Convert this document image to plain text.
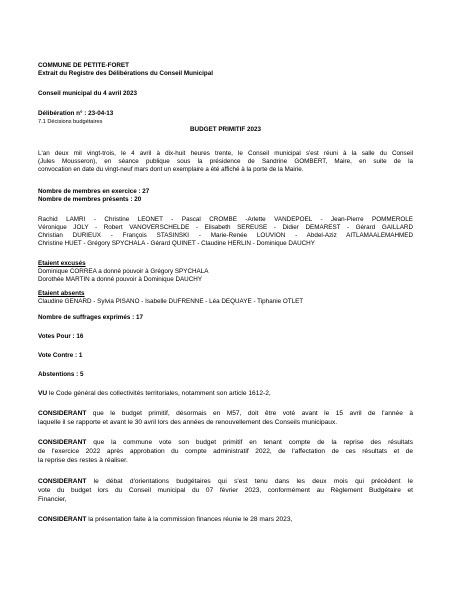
COMMUNE DE PETITE-FORET
Extrait du Registre des Délibérations du Conseil Municipal
Conseil municipal du 4 avril 2023
Délibération n° : 23-04-13
7.1 Décisions budgétaires
BUDGET PRIMITIF 2023
L'an deux mil vingt-trois, le 4 avril à dix-huit heures trente, le Conseil municipal s'est réuni à la salle du Conseil
(Jules Mousseron), en séance publique sous la présidence de Sandrine GOMBERT, Maire, en suite de la
convocation en date du vingt-neuf mars dont un exemplaire a été affiché à la porte de la Mairie.
Nombre de membres en exercice : 27
Nombre de membres présents : 20
Rachid LAMRI - Christine LEONET - Pascal CROMBE -Arlette VANDEPOEL - Jean-Pierre POMMEROLE
Véronique JOLY - Robert VANOVERSCHELDE - Elisabeth SEREUSE - Didier DEMAREST - Gérard GAILLARD
Christian DURIEUX - François STASINSKI - Marie-Renée LOUVION - Abdel-Aziz AITLAMAALEMAHMED
Christine HUET - Grégory SPYCHALA - Gérard QUINET - Claudine HERLIN - Dominique DAUCHY
Étaient excusés
Dominique CORREA a donné pouvoir à Grégory SPYCHALA
Dorothée MARTIN a donné pouvoir à Dominique DAUCHY
Étaient absents
Claudine GENARD - Sylvia PISANO - Isabelle DUFRENNE - Léa DEQUAYE - Tiphanie OTLET
Nombre de suffrages exprimés : 17
Votes Pour : 16
Vote Contre : 1
Abstentions : 5
VU le Code général des collectivités territoriales, notamment son article 1612-2,
CONSIDÉRANT que le budget primitif, désormais en M57, doit être voté avant le 15 avril de l'année à
laquelle il se rapporte et avant le 30 avril lors des années de renouvellement des Conseils municipaux.
CONSIDÉRANT que la commune vote son budget primitif en tenant compte de la reprise des résultats
de l'exercice 2022 après approbation du compte administratif 2022, de l'affectation de ces résultats et de
la reprise des restes à réaliser.
CONSIDÉRANT le débat d'orientations budgétaires qui s'est tenu dans les deux mois qui précèdent le
vote du budget lors du Conseil municipal du 07 février 2023, conformément au Règlement Budgétaire et
Financier,
CONSIDÉRANT la présentation faite à la commission finances réunie le 28 mars 2023,
